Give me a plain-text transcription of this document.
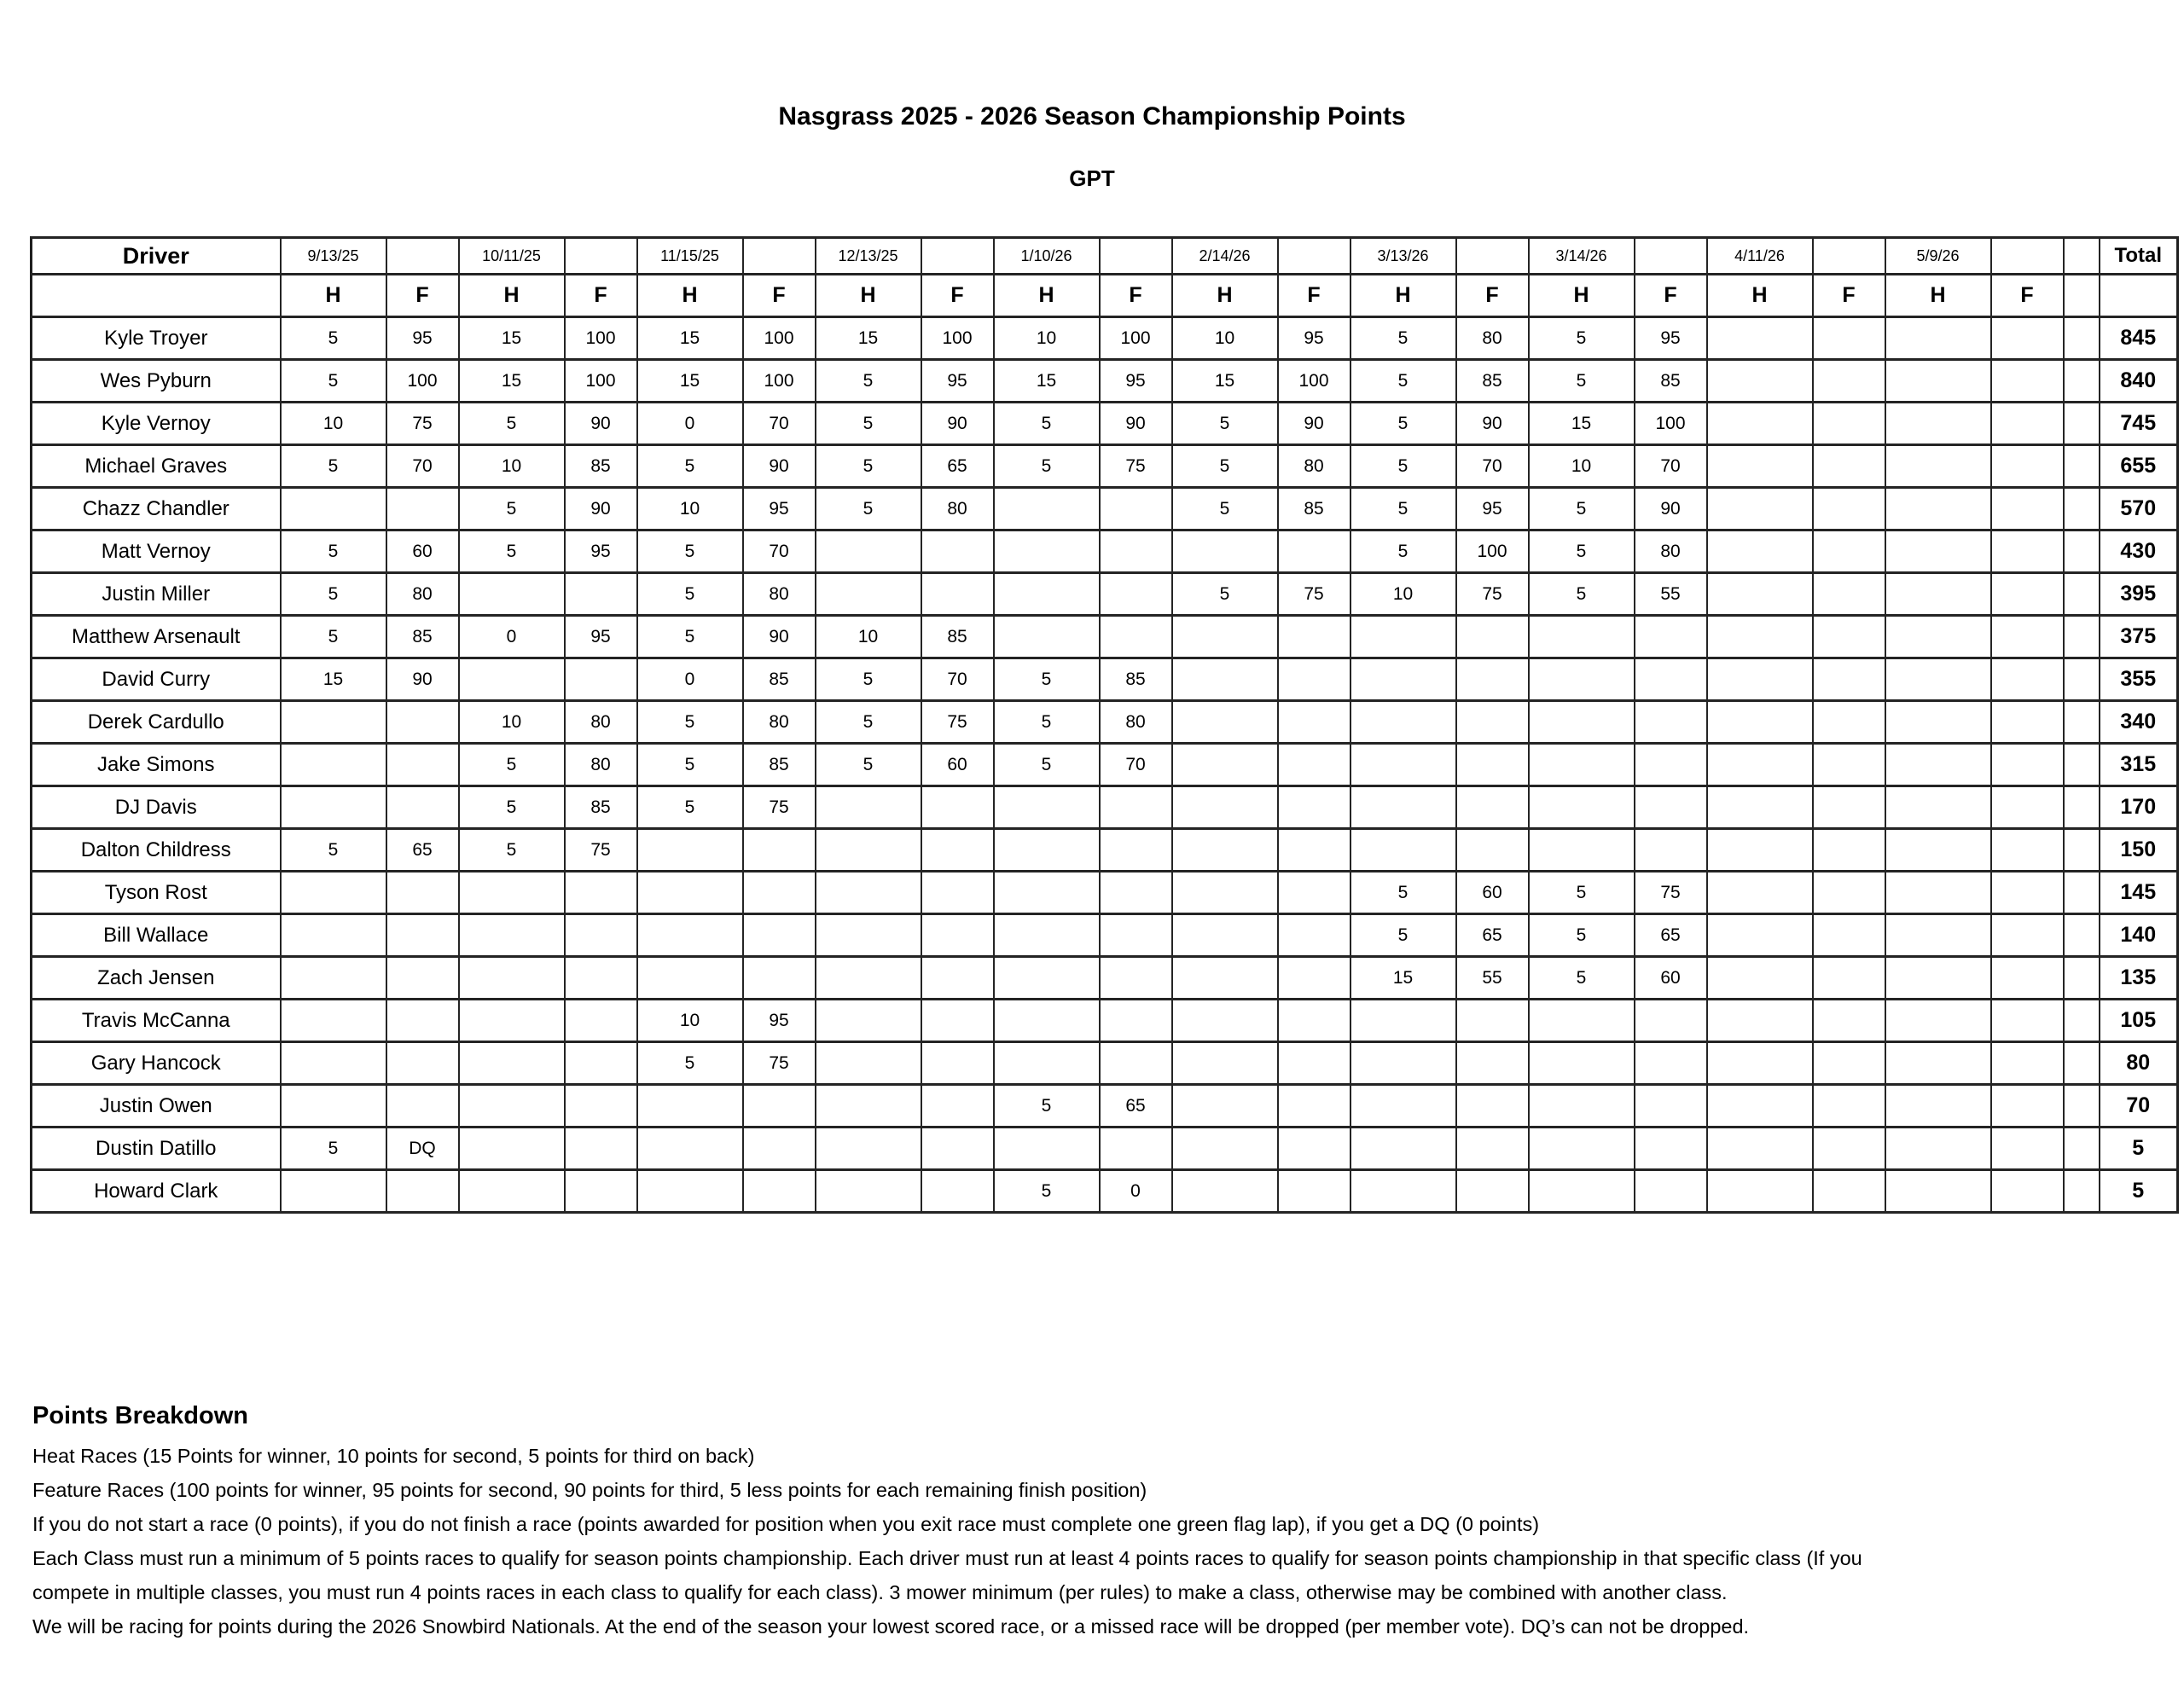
Nasgrass 2025 - 2026 Season Championship Points
GPT
Driver	9/13/25		10/11/25		11/15/25		12/13/25		1/10/26		2/14/26		3/13/26		3/14/26		4/11/26		5/9/26			Total
	H	F	H	F	H	F	H	F	H	F	H	F	H	F	H	F	H	F	H	F		
Kyle Troyer	5	95	15	100	15	100	15	100	10	100	10	95	5	80	5	95						845
Wes Pyburn	5	100	15	100	15	100	5	95	15	95	15	100	5	85	5	85						840
Kyle Vernoy	10	75	5	90	0	70	5	90	5	90	5	90	5	90	15	100						745
Michael Graves	5	70	10	85	5	90	5	65	5	75	5	80	5	70	10	70						655
Chazz Chandler			5	90	10	95	5	80			5	85	5	95	5	90						570
Matt Vernoy	5	60	5	95	5	70							5	100	5	80						430
Justin Miller	5	80			5	80					5	75	10	75	5	55						395
Matthew Arsenault	5	85	0	95	5	90	10	85														375
David Curry	15	90			0	85	5	70	5	85												355
Derek Cardullo			10	80	5	80	5	75	5	80												340
Jake Simons			5	80	5	85	5	60	5	70												315
DJ Davis			5	85	5	75																170
Dalton Childress	5	65	5	75																		150
Tyson Rost													5	60	5	75						145
Bill Wallace													5	65	5	65						140
Zach Jensen													15	55	5	60						135
Travis McCanna					10	95																105
Gary Hancock					5	75																80
Justin Owen									5	65												70
Dustin Datillo	5	DQ																				5
Howard Clark									5	0												5
Points Breakdown
Heat Races (15 Points for winner, 10 points for second, 5 points for third on back)
Feature Races (100 points for winner, 95 points for second, 90 points for third, 5 less points for each remaining finish position)
If you do not start a race (0 points), if you do not finish a race (points awarded for position when you exit race must complete one green flag lap), if you get a DQ (0 points)
Each Class must run a minimum of 5 points races to qualify for season points championship. Each driver must run at least 4 points races to qualify for season points championship in that specific class (If you
compete in multiple classes, you must run 4 points races in each class to qualify for each class). 3 mower minimum (per rules) to make a class, otherwise may be combined with another class.
We will be racing for points during the 2026 Snowbird Nationals. At the end of the season your lowest scored race, or a missed race will be dropped (per member vote). DQ’s can not be dropped.
